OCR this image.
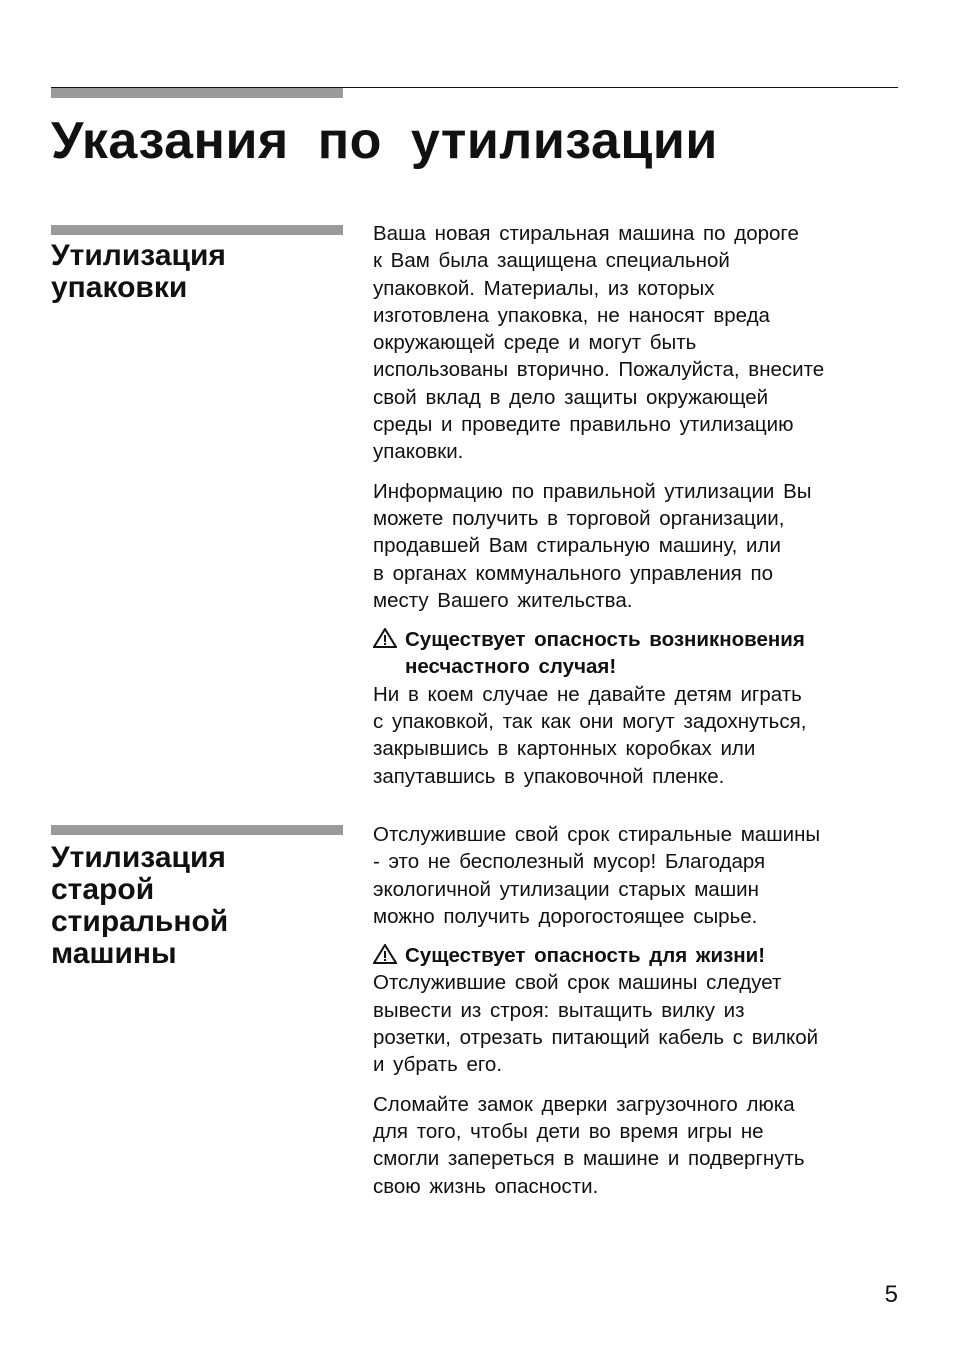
Указания по утилизации
Утилизация
упаковки

Ваша новая стиральная машина по дороге
к Вам была защищена специальной
упаковкой. Материалы, из которых
изготовлена упаковка, не наносят вреда
окружающей среде и могут быть
использованы вторично. Пожалуйста, внесите
свой вклад в дело защиты окружающей
среды и проведите правильно утилизацию
упаковки.

Информацию по правильной утилизации Вы
можете получить в торговой организации,
продавшей Вам стиральную машину, или
в органах коммунального управления по
месту Вашего жительства.

Существует опасность возникновения
несчастного случая!

Ни в коем случае не давайте детям играть
с упаковкой, так как они могут задохнуться,
закрывшись в картонных коробках или
запутавшись в упаковочной пленке.

Утилизация
старой
стиральной
машины

Отслужившие свой срок стиральные машины
- это не бесполезный мусор! Благодаря
экологичной утилизации старых машин
можно получить дорогостоящее сырье.

Существует опасность для жизни!

Отслужившие свой срок машины следует
вывести из строя: вытащить вилку из
розетки, отрезать питающий кабель с вилкой
и убрать его.

Сломайте замок дверки загрузочного люка
для того, чтобы дети во время игры не
смогли запереться в машине и подвергнуть
свою жизнь опасности.

5
